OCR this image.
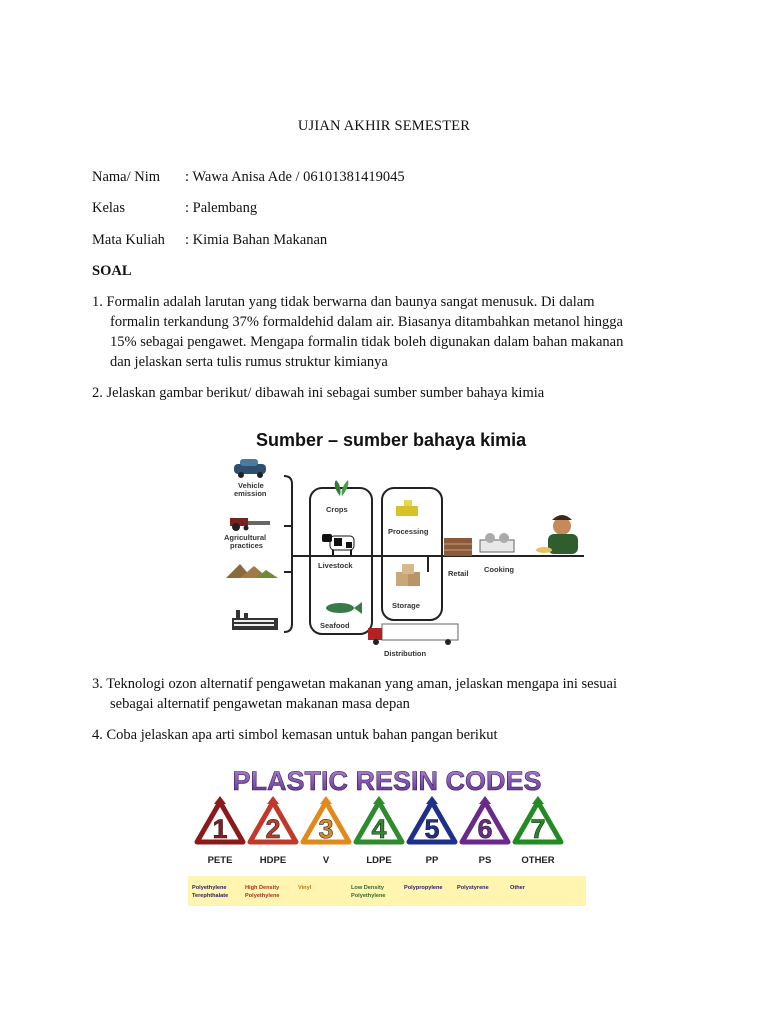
UJIAN AKHIR SEMESTER
Nama/ Nim : Wawa Anisa Ade / 06101381419045
Kelas	: Palembang
Mata Kuliah : Kimia Bahan Makanan
SOAL
1. Formalin adalah larutan yang tidak berwarna dan baunya sangat menusuk. Di dalam
formalin terkandung 37% formaldehid dalam air. Biasanya ditambahkan metanol hingga
15% sebagai pengawet. Mengapa formalin tidak boleh digunakan dalam bahan makanan
dan jelaskan serta tulis rumus struktur kimianya
2. Jelaskan gambar berikut/ dibawah ini sebagai sumber sumber bahaya kimia
Sumber – sumber bahaya kimia
Vehicle
emission
Agricultural
practices
Crops
Livestock
Seafood
Processing
Storage
Distribution
Retail Cooking
3. Teknologi ozon alternatif pengawetan makanan yang aman, jelaskan mengapa ini sesuai
sebagai alternatif pengawetan makanan masa depan
4. Coba jelaskan apa arti simbol kemasan untuk bahan pangan berikut
PLASTIC RESIN CODES
1
PETE
Polyethylene
Terephthalate
2
HDPE
High Density
Polyethylene
3
V
Vinyl
4
LDPE
Low Density
Polyethylene
5
PP
Polypropylene
6
PS
Polystyrene
7
OTHER
Other
